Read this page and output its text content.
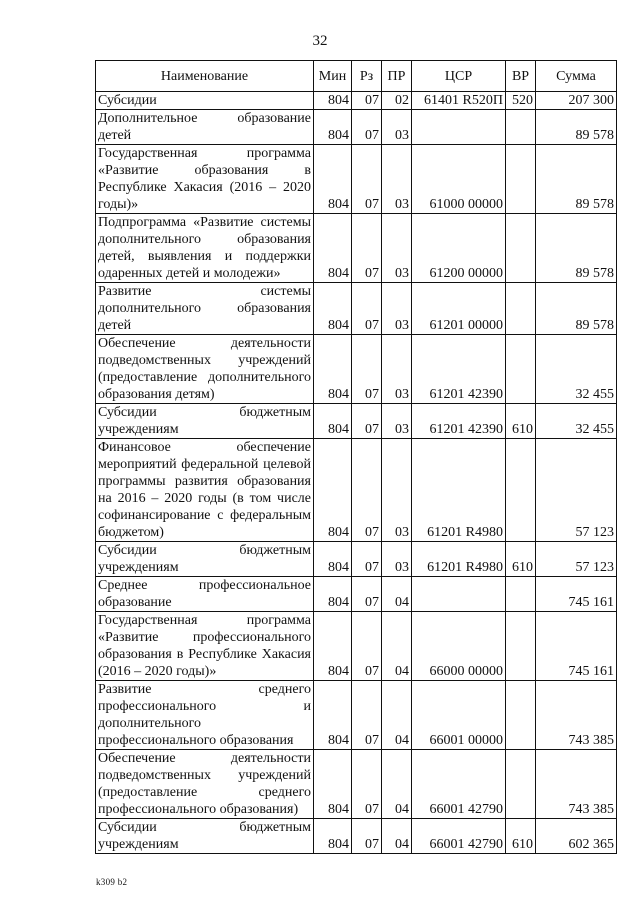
32
Наименование	Мин	Рз	ПР	ЦСР	ВР	Сумма
Субсидии	804	07	02	61401 R520П	520	207 300
Дополнительное образование детей	804	07	03			89 578
Государственная программа «Развитие образования в Республике Хакасия (2016 – 2020 годы)»	804	07	03	61000 00000		89 578
Подпрограмма «Развитие системы дополнительного образования детей, выявления и поддержки одаренных детей и молодежи»	804	07	03	61200 00000		89 578
Развитие системы дополнительного образования детей	804	07	03	61201 00000		89 578
Обеспечение деятельности подведомственных учреждений (предоставление дополнительного образования детям)	804	07	03	61201 42390		32 455
Субсидии бюджетным учреждениям	804	07	03	61201 42390	610	32 455
Финансовое обеспечение мероприятий федеральной целевой программы развития образования на 2016 – 2020 годы (в том числе софинансирование с федеральным бюджетом)	804	07	03	61201 R4980		57 123
Субсидии бюджетным учреждениям	804	07	03	61201 R4980	610	57 123
Среднее профессиональное образование	804	07	04			745 161
Государственная программа «Развитие профессионального образования в Республике Хакасия (2016 – 2020 годы)»	804	07	04	66000 00000		745 161
Развитие среднего профессионального и дополнительного профессионального образования	804	07	04	66001 00000		743 385
Обеспечение деятельности подведомственных учреждений (предоставление среднего профессионального образования)	804	07	04	66001 42790		743 385
Субсидии бюджетным учреждениям	804	07	04	66001 42790	610	602 365
k309 b2
